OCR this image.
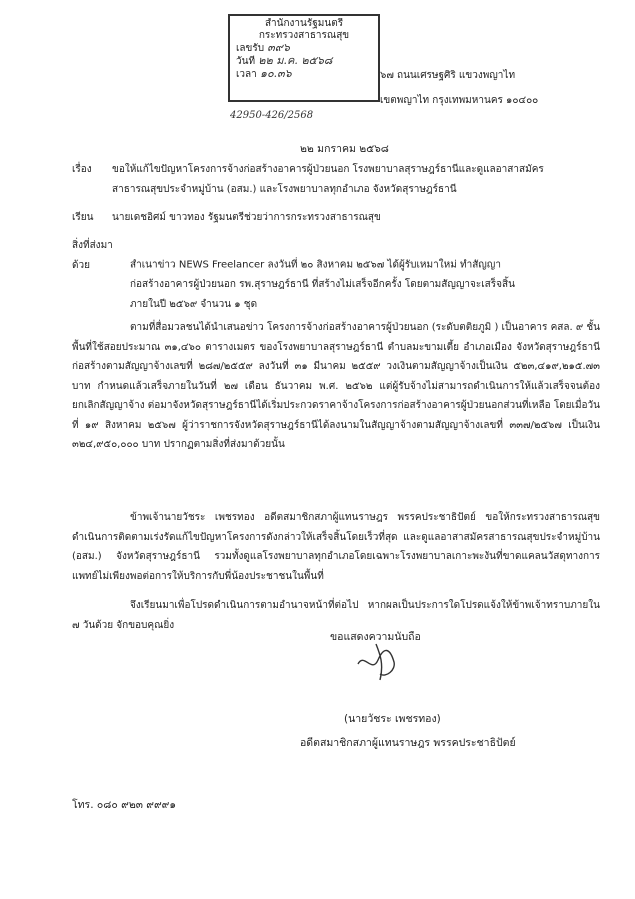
สำนักงานรัฐมนตรี
กระทรวงสาธารณสุข
เลขรับ ๓๙๖
วันที่ ๒๒ ม.ค. ๒๕๖๘
เวลา ๑๐.๓๖
42950-426/2568
๖๗ ถนนเศรษฐศิริ แขวงพญาไท
เขตพญาไท กรุงเทพมหานคร ๑๐๔๐๐
๒๒ มกราคม ๒๕๖๘
เรื่อง ขอให้แก้ไขปัญหาโครงการจ้างก่อสร้างอาคารผู้ป่วยนอก โรงพยาบาลสุราษฎร์ธานีและดูแลอาสาสมัคร
สาธารณสุขประจำหมู่บ้าน (อสม.) และโรงพยาบาลทุกอำเภอ จังหวัดสุราษฎร์ธานี
เรียน นายเดชอิศม์ ขาวทอง รัฐมนตรีช่วยว่าการกระทรวงสาธารณสุข
สิ่งที่ส่งมาด้วย	สำเนาข่าว NEWS Freelancer ลงวันที่ ๒๐ สิงหาคม ๒๕๖๗ ได้ผู้รับเหมาใหม่ ทำสัญญา
ก่อสร้างอาคารผู้ป่วยนอก รพ.สุราษฎร์ธานี ที่สร้างไม่เสร็จอีกครั้ง โดยตามสัญญาจะเสร็จสิ้น
ภายในปี ๒๕๖๙ จำนวน ๑ ชุด

ตามที่สื่อมวลชนได้นำเสนอข่าว โครงการจ้างก่อสร้างอาคารผู้ป่วยนอก (ระดับตติยภูมิ ) เป็นอาคาร คสล. ๙ ชั้น พื้นที่ใช้สอยประมาณ ๓๑,๔๖๐ ตารางเมตร ของโรงพยาบาลสุราษฎร์ธานี ตำบลมะขามเตี้ย อำเภอเมือง จังหวัดสุราษฎร์ธานี ก่อสร้างตามสัญญาจ้างเลขที่ ๒๘๗/๒๕๕๙ ลงวันที่ ๓๑ มีนาคม ๒๕๕๙ วงเงินตามสัญญาจ้างเป็นเงิน ๕๒๓,๔๑๙,๒๑๕.๗๓ บาท กำหนดแล้วเสร็จภายในวันที่ ๒๗ เดือน ธันวาคม พ.ศ. ๒๕๖๒ แต่ผู้รับจ้างไม่สามารถดำเนินการให้แล้วเสร็จจนต้องยกเลิกสัญญาจ้าง ต่อมาจังหวัดสุราษฎร์ธานีได้เริ่มประกวดราคาจ้างโครงการก่อสร้างอาคารผู้ป่วยนอกส่วนที่เหลือ โดยเมื่อวันที่ ๑๙ สิงหาคม ๒๕๖๗ ผู้ว่าราชการจังหวัดสุราษฎร์ธานีได้ลงนามในสัญญาจ้างตามสัญญาจ้างเลขที่ ๓๓๗/๒๕๖๗ เป็นเงิน ๓๒๔,๙๕๐,๐๐๐ บาท ปรากฏตามสิ่งที่ส่งมาด้วยนั้น

ข้าพเจ้านายวัชระ เพชรทอง อดีตสมาชิกสภาผู้แทนราษฎร พรรคประชาธิปัตย์ ขอให้กระทรวงสาธารณสุขดำเนินการติดตามเร่งรัดแก้ไขปัญหาโครงการดังกล่าวให้เสร็จสิ้นโดยเร็วที่สุด และดูแลอาสาสมัครสาธารณสุขประจำหมู่บ้าน (อสม.) จังหวัดสุราษฎร์ธานี รวมทั้งดูแลโรงพยาบาลทุกอำเภอโดยเฉพาะโรงพยาบาลเกาะพะงันที่ขาดแคลนวัสดุทางการแพทย์ไม่เพียงพอต่อการให้บริการกับพี่น้องประชาชนในพื้นที่

จึงเรียนมาเพื่อโปรดดำเนินการตามอำนาจหน้าที่ต่อไป หากผลเป็นประการใดโปรดแจ้งให้ข้าพเจ้าทราบภายใน ๗ วันด้วย จักขอบคุณยิ่ง

ขอแสดงความนับถือ
(นายวัชระ เพชรทอง)
อดีตสมาชิกสภาผู้แทนราษฎร พรรคประชาธิปัตย์
โทร. ๐๘๐ ๙๒๓ ๙๙๙๑
